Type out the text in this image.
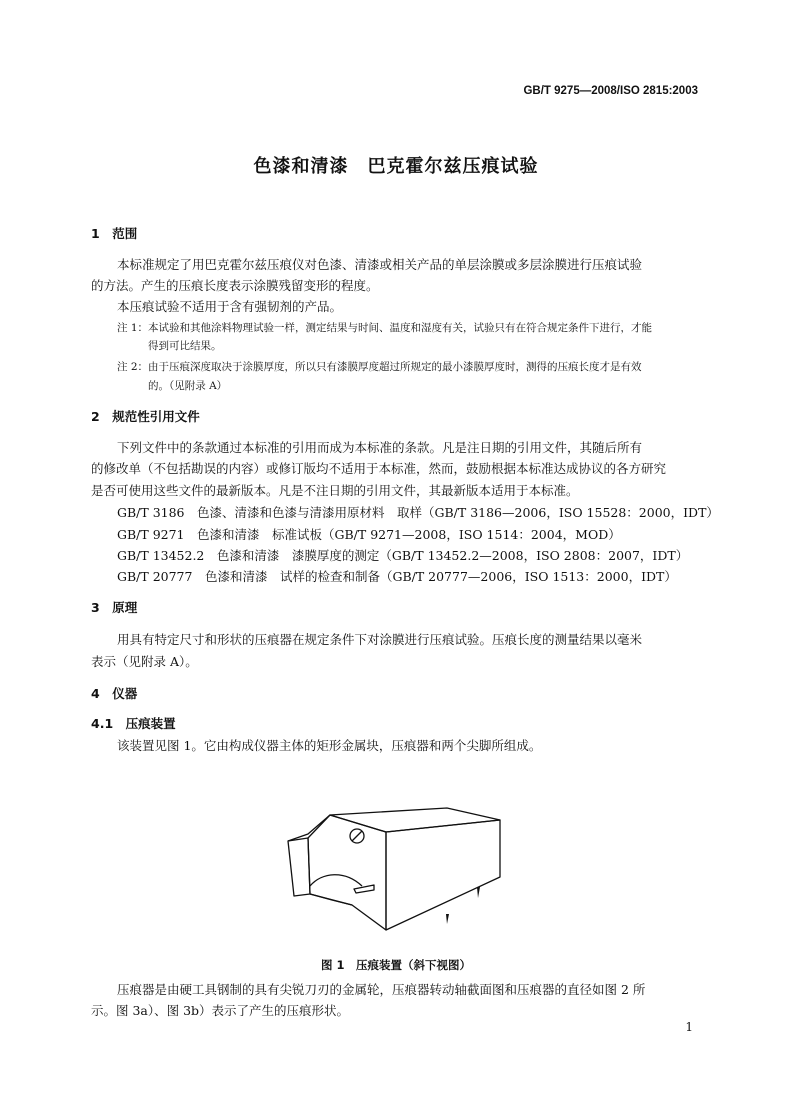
GB/T 9275—2008/ISO 2815:2003
色漆和清漆　巴克霍尔兹压痕试验
1　范围
本标准规定了用巴克霍尔兹压痕仪对色漆、清漆或相关产品的单层涂膜或多层涂膜进行压痕试验
的方法。产生的压痕长度表示涂膜残留变形的程度。
本压痕试验不适用于含有强韧剂的产品。
注 1：本试验和其他涂料物理试验一样，测定结果与时间、温度和湿度有关，试验只有在符合规定条件下进行，才能
得到可比结果。
注 2：由于压痕深度取决于涂膜厚度，所以只有漆膜厚度超过所规定的最小漆膜厚度时，测得的压痕长度才是有效
的。（见附录 A）
2　规范性引用文件
下列文件中的条款通过本标准的引用而成为本标准的条款。凡是注日期的引用文件，其随后所有
的修改单（不包括勘误的内容）或修订版均不适用于本标准，然而，鼓励根据本标准达成协议的各方研究
是否可使用这些文件的最新版本。凡是不注日期的引用文件，其最新版本适用于本标准。
GB/T 3186　色漆、清漆和色漆与清漆用原材料　取样（GB/T 3186—2006，ISO 15528：2000，IDT）
GB/T 9271　色漆和清漆　标准试板（GB/T 9271—2008，ISO 1514：2004，MOD）
GB/T 13452.2　色漆和清漆　漆膜厚度的测定（GB/T 13452.2—2008，ISO 2808：2007，IDT）
GB/T 20777　色漆和清漆　试样的检查和制备（GB/T 20777—2006，ISO 1513：2000，IDT）
3　原理
用具有特定尺寸和形状的压痕器在规定条件下对涂膜进行压痕试验。压痕长度的测量结果以毫米
表示（见附录 A）。
4　仪器
4.1　压痕装置
该装置见图 1。它由构成仪器主体的矩形金属块，压痕器和两个尖脚所组成。
图 1　压痕装置（斜下视图）
压痕器是由硬工具钢制的具有尖锐刀刃的金属轮，压痕器转动轴截面图和压痕器的直径如图 2 所
示。图 3a）、图 3b）表示了产生的压痕形状。
1
